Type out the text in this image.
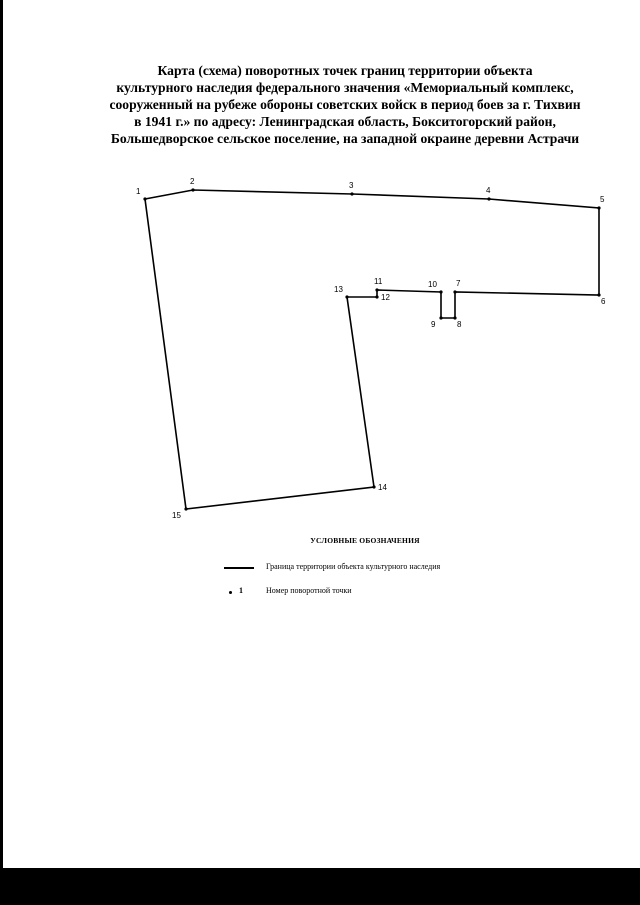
Карта (схема) поворотных точек границ территории объекта
культурного наследия федерального значения «Мемориальный комплекс,
сооруженный на рубеже обороны советских войск в период боев за г. Тихвин
в 1941 г.» по адресу: Ленинградская область, Бокситогорский район,
Большедворское сельское поселение, на западной окраине деревни Астрачи
1
2	3
4
5
6
7
8
9
10
11
12
13
14
15
УСЛОВНЫЕ ОБОЗНАЧЕНИЯ
Граница территории объекта культурного наследия
1	Номер поворотной точки
